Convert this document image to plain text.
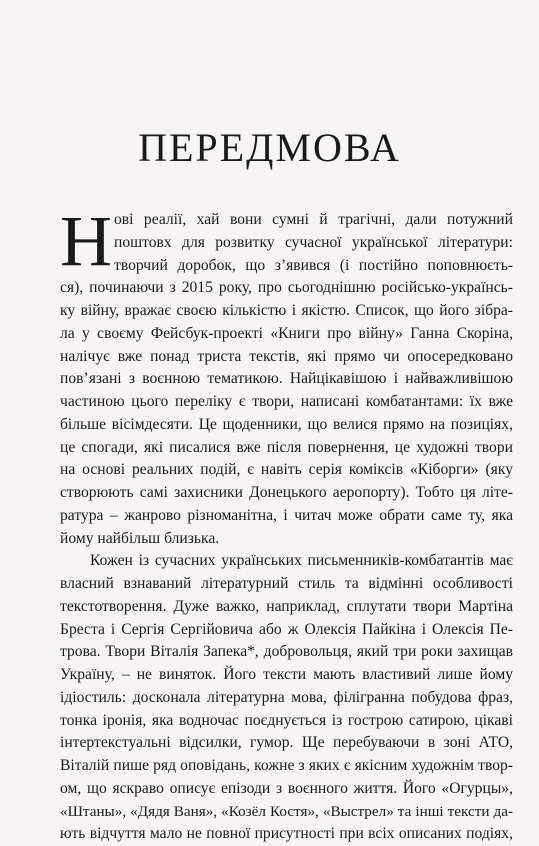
ПЕРЕДМОВА
Н ові реалії, хай вони сумні й трагічні, дали потужний
поштовх для розвитку сучасної української літератури:
творчий доробок, що з’явився (і постійно поповнюєть-
ся), починаючи з 2015 року, про сьогоднішню російсько-українсь-
ку війну, вражає своєю кількістю і якістю. Список, що його зібра-
ла у своєму Фейсбук-проекті «Книги про війну» Ганна Скоріна,
налічує вже понад триста текстів, які прямо чи опосередковано
пов’язані з воєнною тематикою. Найцікавішою і найважливішою
частиною цього переліку є твори, написані комбатантами: їх вже
більше вісімдесяти. Це щоденники, що велися прямо на позиціях,
це спогади, які писалися вже після повернення, це художні твори
на основі реальних подій, є навіть серія коміксів «Кіборги» (яку
створюють самі захисники Донецького аеропорту). Тобто ця літе-
ратура – жанрово різноманітна, і читач може обрати саме ту, яка
йому найбільш близька.
Кожен із сучасних українських письменників-комбатантів має
власний взнаваний літературний стиль та відмінні особливості
текстотворення. Дуже важко, наприклад, сплутати твори Мартіна
Бреста і Сергія Сергійовича або ж Олексія Пайкіна і Олексія Пе-
трова. Твори Віталія Запека*, добровольця, який три роки захищав
Україну, – не виняток. Його тексти мають властивий лише йому
ідіостиль: досконала літературна мова, філігранна побудова фраз,
тонка іронія, яка водночас поєднується із гострою сатирою, цікаві
інтертекстуальні відсилки, гумор. Ще перебуваючи в зоні АТО,
Віталій пише ряд оповідань, кожне з яких є якісним художнім твор-
ом, що яскраво описує епізоди з воєнного життя. Його «Огурцы»,
«Штаны», «Дядя Ваня», «Козёл Костя», «Выстрел» та інші тексти да-
ють відчуття мало не повної присутності при всіх описаних подіях,
